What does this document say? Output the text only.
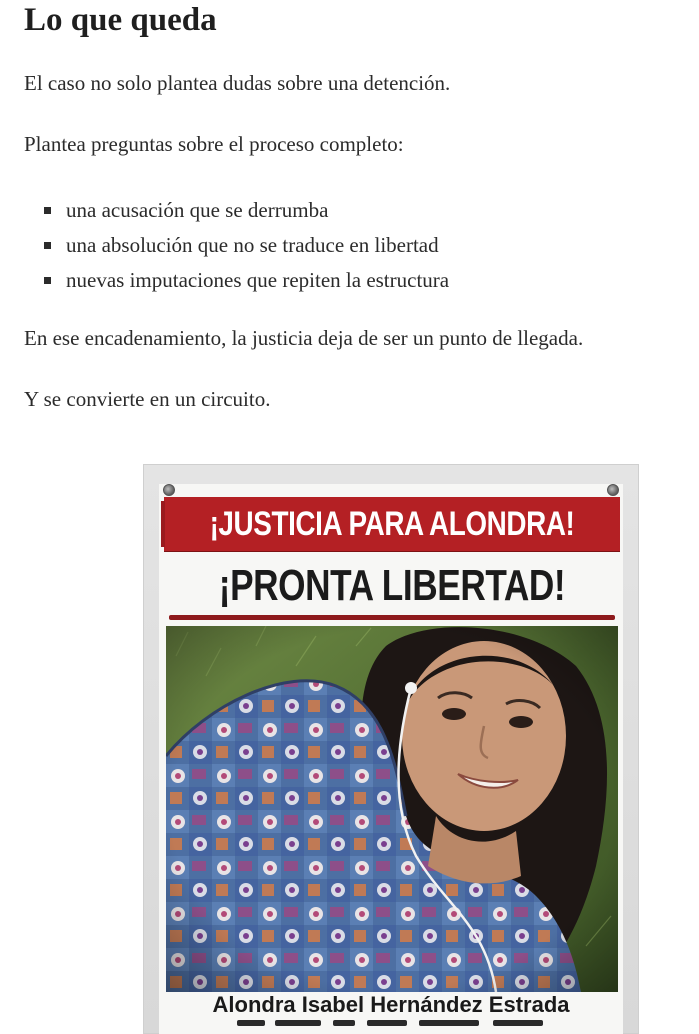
Lo que queda

El caso no solo plantea dudas sobre una detención.

Plantea preguntas sobre el proceso completo:

una acusación que se derrumba
una absolución que no se traduce en libertad
nuevas imputaciones que repiten la estructura

En ese encadenamiento, la justicia deja de ser un punto de llegada.

Y se convierte en un circuito.

¡JUSTICIA PARA ALONDRA!
¡PRONTA LIBERTAD!
Alondra Isabel Hernández Estrada
